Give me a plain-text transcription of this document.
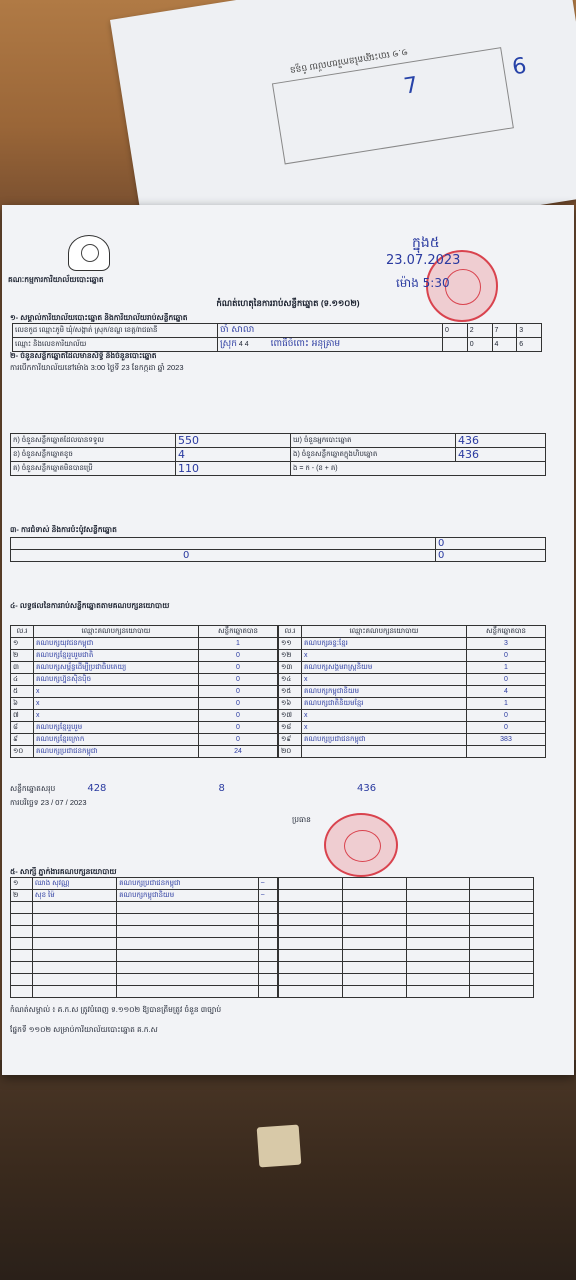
១.១ បោះឆ្នោតនៃការិយាល័យ ចំនួន
7
6
គណៈកម្មការការិយាល័យបោះឆ្នោត
ក្នុង៥
23.07.2023
ម៉ោង 5:30
កំណត់ហេតុនៃការរាប់សន្លឹកឆ្នោត (ទ.១១០២)
១- សម្គាល់ការិយាល័យបោះឆ្នោត និងការិយាល័យរាប់សន្លឹកឆ្នោត
លេខកូដ ឈ្មោះភូមិ ឃុំ/សង្កាត់ ស្រុក/ខណ្ឌ ខេត្ត/រាជធានី	ចាំ សាលា	0	2	7	3
ឈ្មោះ និងលេខការិយាល័យ	ស្រុក 4 4 ពោធិ៍ចំពោះ អនុគ្រាម		0	4	6
២- ចំនួនសន្លឹកឆ្នោតដែលមានសិទ្ធិ និងចំនួនបោះឆ្នោត
ការបើកការិយាល័យនៅម៉ោង 3:00 ថ្ងៃទី 23 ខែកក្កដា ឆ្នាំ 2023
ក) ចំនួនសន្លឹកឆ្នោតដែលបានទទួល	550	ឃ) ចំនួនអ្នកបោះឆ្នោត	436
ខ) ចំនួនសន្លឹកឆ្នោតខូច	4	ង) ចំនួនសន្លឹកឆ្នោតក្នុងហិបឆ្នោត	436
គ) ចំនួនសន្លឹកឆ្នោតមិនបានប្រើ	110	ង = ក - (ខ + គ)	
៣- ការជំទាស់ និងការប៉ះប៉ូវសន្លឹកឆ្នោត
	0
0	0
៤- លទ្ធផលនៃការរាប់សន្លឹកឆ្នោតតាមគណបក្សនយោបាយ
ល.រ	ឈ្មោះគណបក្សនយោបាយ	សន្លឹកឆ្នោតបាន
១	គណបក្សយុវជនកម្ពុជា	1
២	គណបក្សខ្មែររួបរួមជាតិ	0
៣	គណបក្សសម្ព័ន្ធដើម្បីប្រជាធិបតេយ្យ	0
៤	គណបក្សហ្វ៊ុនស៊ិនប៉ិច	0
៥	x	0
៦	x	0
៧	x	0
៨	គណបក្សខ្មែររួបរួម	0
៩	គណបក្សខ្មែរក្រោក	0
១០	គណបក្សប្រជាជនកម្ពុជា	24
ល.រ	ឈ្មោះគណបក្សនយោបាយ	សន្លឹកឆ្នោតបាន
១១	គណបក្សឆន្ទៈខ្មែរ	3
១២	x	0
១៣	គណបក្សសង្គមរាស្ត្រនិយម	1
១៤	x	0
១៥	គណបក្សកម្ពុជានិយម	4
១៦	គណបក្សជាតិនិយមខ្មែរ	1
១៧	x	0
១៨	x	0
១៩	គណបក្សប្រជាជនកម្ពុជា	383
២០		
សន្លឹកឆ្នោតសរុប	428	8	436
ការបរិច្ឆេទ 23 / 07 / 2023
ប្រធាន
៥- សាក្សី ភ្នាក់ងារគណបក្សនយោបាយ
១	ឈាង សុវណ្ណ	គណបក្សប្រជាជនកម្ពុជា	~
២	សុខ ម៉ៃ	គណបក្សកម្ពុជានិយម	~

កំណត់សម្គាល់ ៖ គ.ក.ស ត្រូវបំពេញ ទ.១១០២ ឱ្យបានត្រឹមត្រូវ ចំនួន ៣ច្បាប់
ផ្នែកទី ១១០២ សម្រាប់ការិយាល័យបោះឆ្នោត គ.ក.ស
